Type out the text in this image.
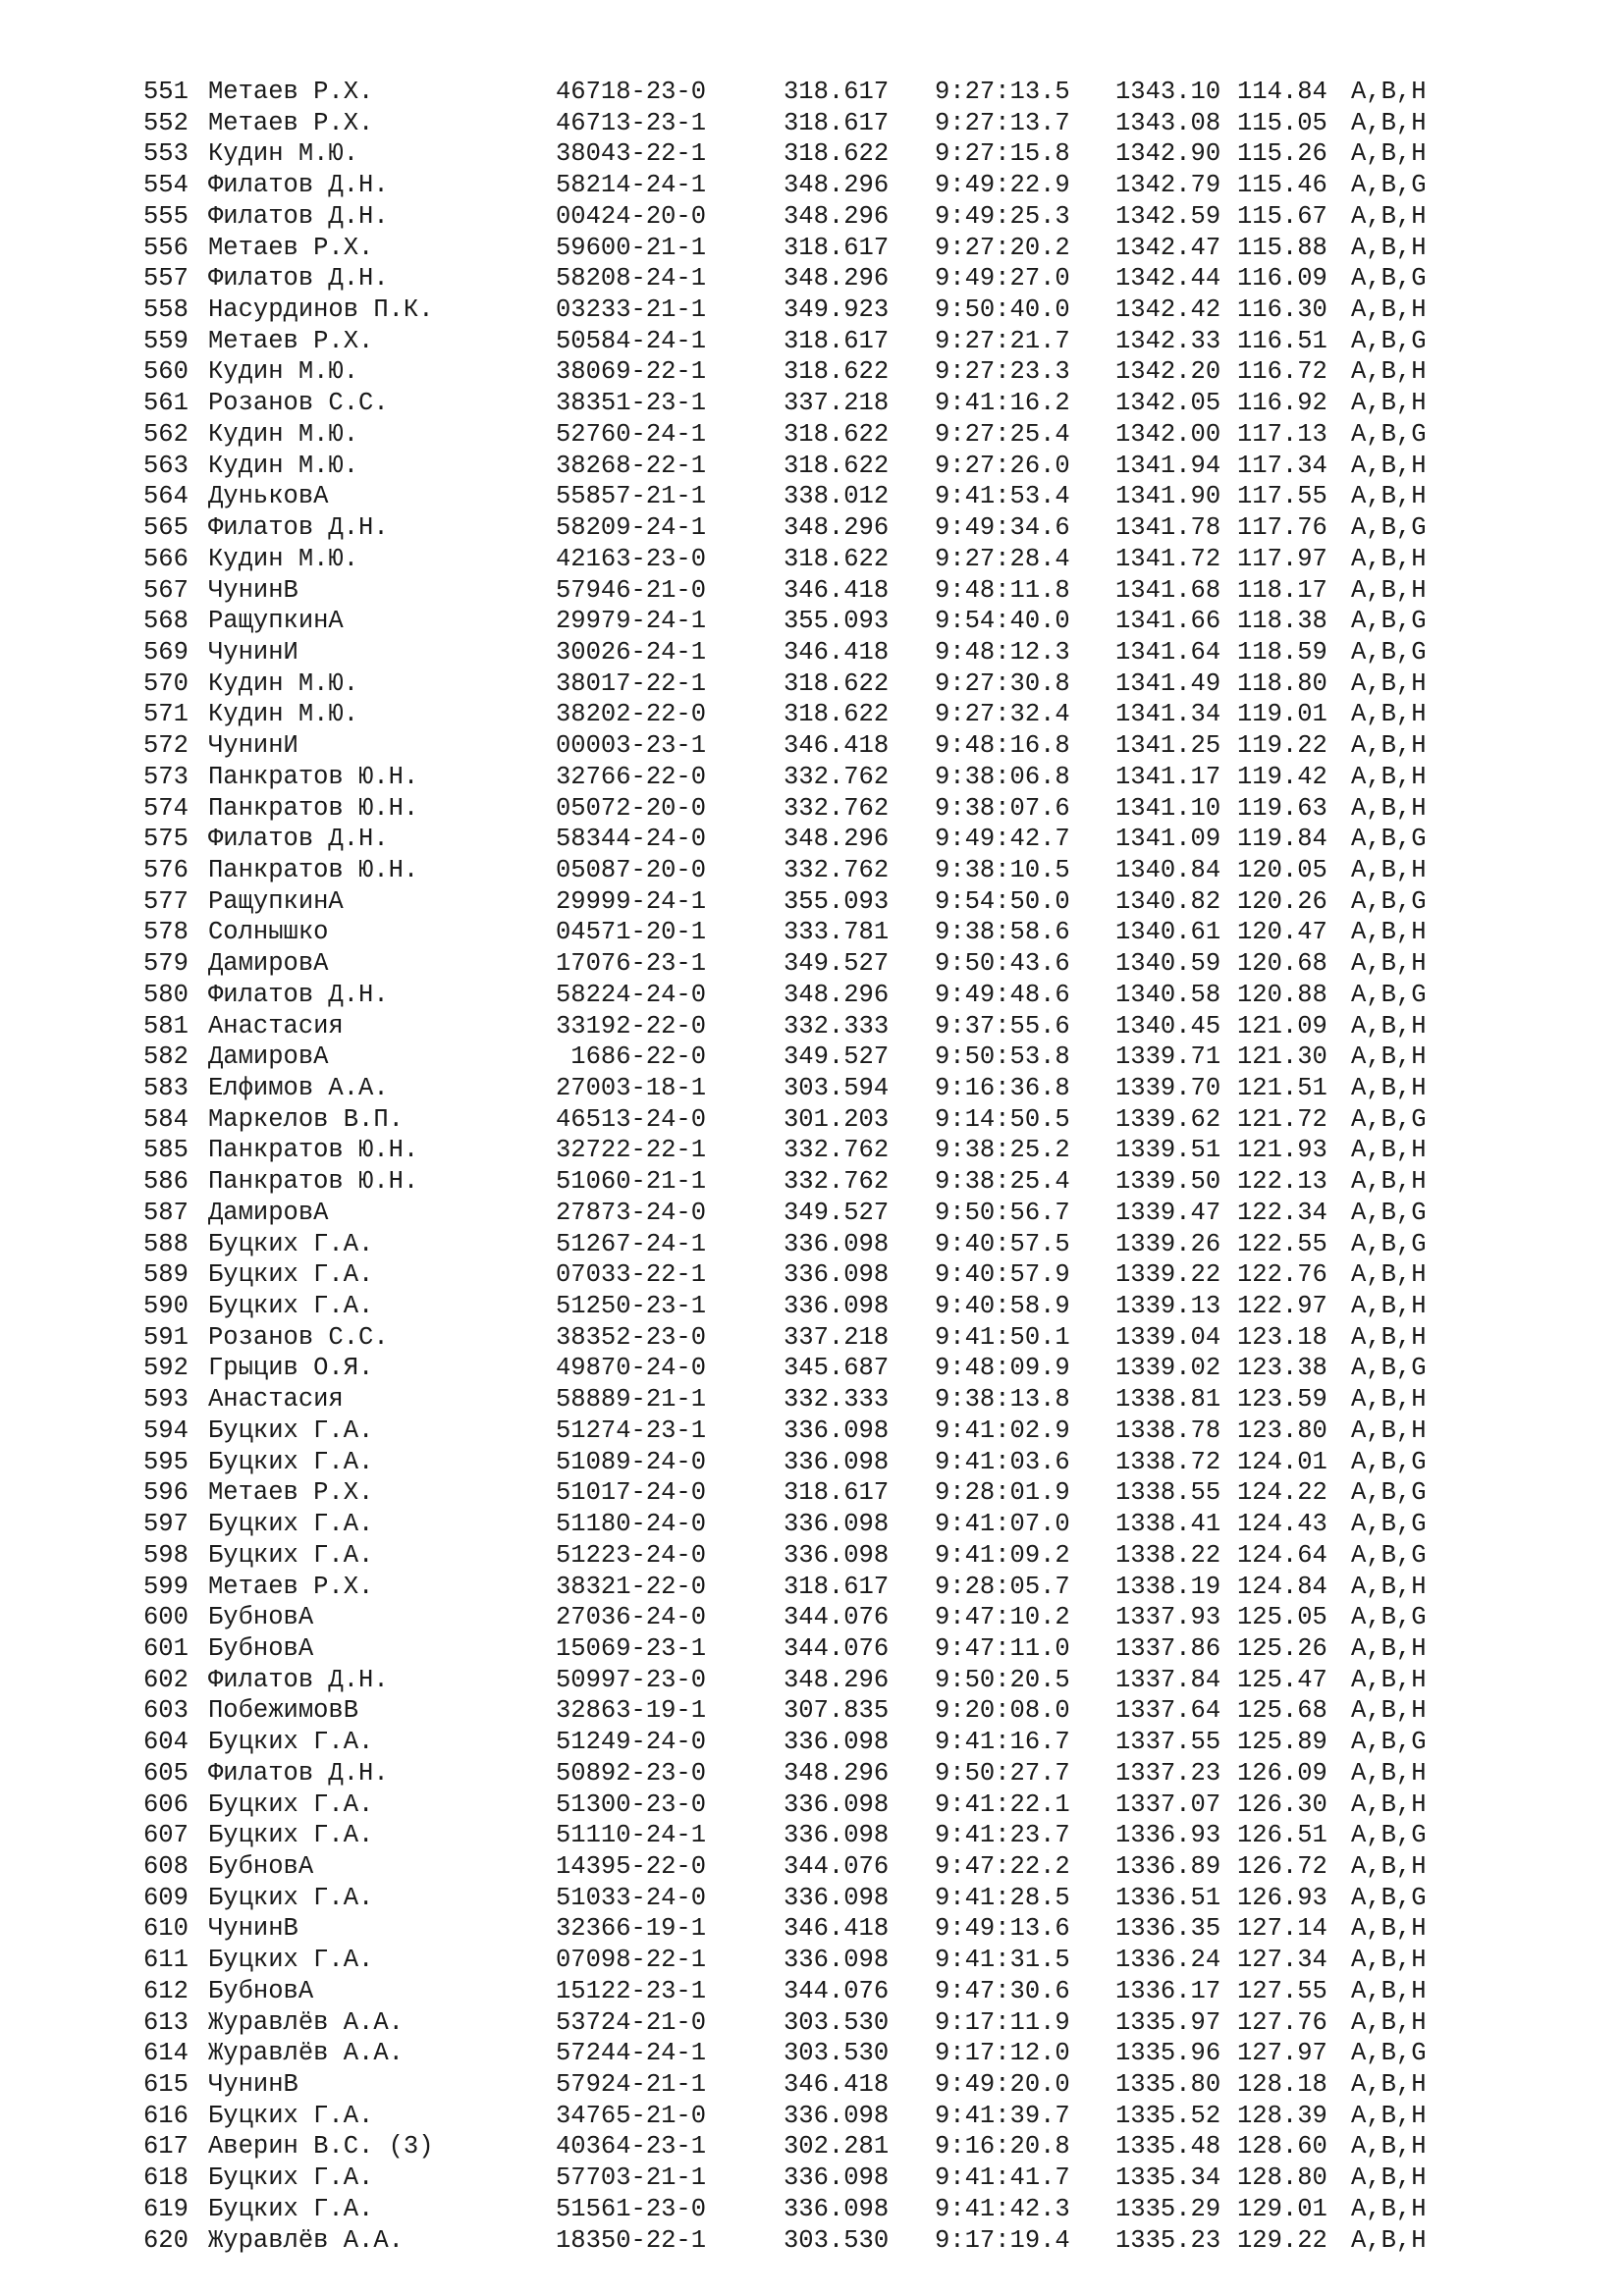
551 Метаев Р.Х.	46718-23-0	318.617 9:27:13.5 1343.10 114.84 A,B,H
552 Метаев Р.Х.	46713-23-1	318.617 9:27:13.7 1343.08 115.05 A,B,H
553 Кудин М.Ю.	38043-22-1	318.622 9:27:15.8 1342.90 115.26 A,B,H
554 Филатов Д.Н.	58214-24-1	348.296 9:49:22.9 1342.79 115.46 A,B,G
555 Филатов Д.Н.	00424-20-0	348.296 9:49:25.3 1342.59 115.67 A,B,H
556 Метаев Р.Х.	59600-21-1	318.617 9:27:20.2 1342.47 115.88 A,B,H
557 Филатов Д.Н.	58208-24-1	348.296 9:49:27.0 1342.44 116.09 A,B,G
558 Насурдинов П.К.	03233-21-1	349.923 9:50:40.0 1342.42 116.30 A,B,H
559 Метаев Р.Х.	50584-24-1	318.617 9:27:21.7 1342.33 116.51 A,B,G
560 Кудин М.Ю.	38069-22-1	318.622 9:27:23.3 1342.20 116.72 A,B,H
561 Розанов С.С.	38351-23-1	337.218 9:41:16.2 1342.05 116.92 A,B,H
562 Кудин М.Ю.	52760-24-1	318.622 9:27:25.4 1342.00 117.13 A,B,G
563 Кудин М.Ю.	38268-22-1	318.622 9:27:26.0 1341.94 117.34 A,B,H
564 ДуньковА	55857-21-1	338.012 9:41:53.4 1341.90 117.55 A,B,H
565 Филатов Д.Н.	58209-24-1	348.296 9:49:34.6 1341.78 117.76 A,B,G
566 Кудин М.Ю.	42163-23-0	318.622 9:27:28.4 1341.72 117.97 A,B,H
567 ЧунинВ	57946-21-0	346.418 9:48:11.8 1341.68 118.17 A,B,H
568 РащупкинА	29979-24-1	355.093 9:54:40.0 1341.66 118.38 A,B,G
569 ЧунинИ	30026-24-1	346.418 9:48:12.3 1341.64 118.59 A,B,G
570 Кудин М.Ю.	38017-22-1	318.622 9:27:30.8 1341.49 118.80 A,B,H
571 Кудин М.Ю.	38202-22-0	318.622 9:27:32.4 1341.34 119.01 A,B,H
572 ЧунинИ	00003-23-1	346.418 9:48:16.8 1341.25 119.22 A,B,H
573 Панкратов Ю.Н.	32766-22-0	332.762 9:38:06.8 1341.17 119.42 A,B,H
574 Панкратов Ю.Н.	05072-20-0	332.762 9:38:07.6 1341.10 119.63 A,B,H
575 Филатов Д.Н.	58344-24-0	348.296 9:49:42.7 1341.09 119.84 A,B,G
576 Панкратов Ю.Н.	05087-20-0	332.762 9:38:10.5 1340.84 120.05 A,B,H
577 РащупкинА	29999-24-1	355.093 9:54:50.0 1340.82 120.26 A,B,G
578 Солнышко	04571-20-1	333.781 9:38:58.6 1340.61 120.47 A,B,H
579 ДамировА	17076-23-1	349.527 9:50:43.6 1340.59 120.68 A,B,H
580 Филатов Д.Н.	58224-24-0	348.296 9:49:48.6 1340.58 120.88 A,B,G
581 Анастасия	33192-22-0	332.333 9:37:55.6 1340.45 121.09 A,B,H
582 ДамировА	1686-22-0	349.527 9:50:53.8 1339.71 121.30 A,B,H
583 Елфимов А.А.	27003-18-1	303.594 9:16:36.8 1339.70 121.51 A,B,H
584 Маркелов В.П.	46513-24-0	301.203 9:14:50.5 1339.62 121.72 A,B,G
585 Панкратов Ю.Н.	32722-22-1	332.762 9:38:25.2 1339.51 121.93 A,B,H
586 Панкратов Ю.Н.	51060-21-1	332.762 9:38:25.4 1339.50 122.13 A,B,H
587 ДамировА	27873-24-0	349.527 9:50:56.7 1339.47 122.34 A,B,G
588 Буцких Г.А.	51267-24-1	336.098 9:40:57.5 1339.26 122.55 A,B,G
589 Буцких Г.А.	07033-22-1	336.098 9:40:57.9 1339.22 122.76 A,B,H
590 Буцких Г.А.	51250-23-1	336.098 9:40:58.9 1339.13 122.97 A,B,H
591 Розанов С.С.	38352-23-0	337.218 9:41:50.1 1339.04 123.18 A,B,H
592 Грыцив О.Я.	49870-24-0	345.687 9:48:09.9 1339.02 123.38 A,B,G
593 Анастасия	58889-21-1	332.333 9:38:13.8 1338.81 123.59 A,B,H
594 Буцких Г.А.	51274-23-1	336.098 9:41:02.9 1338.78 123.80 A,B,H
595 Буцких Г.А.	51089-24-0	336.098 9:41:03.6 1338.72 124.01 A,B,G
596 Метаев Р.Х.	51017-24-0	318.617 9:28:01.9 1338.55 124.22 A,B,G
597 Буцких Г.А.	51180-24-0	336.098 9:41:07.0 1338.41 124.43 A,B,G
598 Буцких Г.А.	51223-24-0	336.098 9:41:09.2 1338.22 124.64 A,B,G
599 Метаев Р.Х.	38321-22-0	318.617 9:28:05.7 1338.19 124.84 A,B,H
600 БубновА	27036-24-0	344.076 9:47:10.2 1337.93 125.05 A,B,G
601 БубновА	15069-23-1	344.076 9:47:11.0 1337.86 125.26 A,B,H
602 Филатов Д.Н.	50997-23-0	348.296 9:50:20.5 1337.84 125.47 A,B,H
603 ПобежимовВ	32863-19-1	307.835 9:20:08.0 1337.64 125.68 A,B,H
604 Буцких Г.А.	51249-24-0	336.098 9:41:16.7 1337.55 125.89 A,B,G
605 Филатов Д.Н.	50892-23-0	348.296 9:50:27.7 1337.23 126.09 A,B,H
606 Буцких Г.А.	51300-23-0	336.098 9:41:22.1 1337.07 126.30 A,B,H
607 Буцких Г.А.	51110-24-1	336.098 9:41:23.7 1336.93 126.51 A,B,G
608 БубновА	14395-22-0	344.076 9:47:22.2 1336.89 126.72 A,B,H
609 Буцких Г.А.	51033-24-0	336.098 9:41:28.5 1336.51 126.93 A,B,G
610 ЧунинВ	32366-19-1	346.418 9:49:13.6 1336.35 127.14 A,B,H
611 Буцких Г.А.	07098-22-1	336.098 9:41:31.5 1336.24 127.34 A,B,H
612 БубновА	15122-23-1	344.076 9:47:30.6 1336.17 127.55 A,B,H
613 Журавлёв А.А.	53724-21-0	303.530 9:17:11.9 1335.97 127.76 A,B,H
614 Журавлёв А.А.	57244-24-1	303.530 9:17:12.0 1335.96 127.97 A,B,G
615 ЧунинВ	57924-21-1	346.418 9:49:20.0 1335.80 128.18 A,B,H
616 Буцких Г.А.	34765-21-0	336.098 9:41:39.7 1335.52 128.39 A,B,H
617 Аверин В.С. (3)	40364-23-1	302.281 9:16:20.8 1335.48 128.60 A,B,H
618 Буцких Г.А.	57703-21-1	336.098 9:41:41.7 1335.34 128.80 A,B,H
619 Буцких Г.А.	51561-23-0	336.098 9:41:42.3 1335.29 129.01 A,B,H
620 Журавлёв А.А.	18350-22-1	303.530 9:17:19.4 1335.23 129.22 A,B,H
